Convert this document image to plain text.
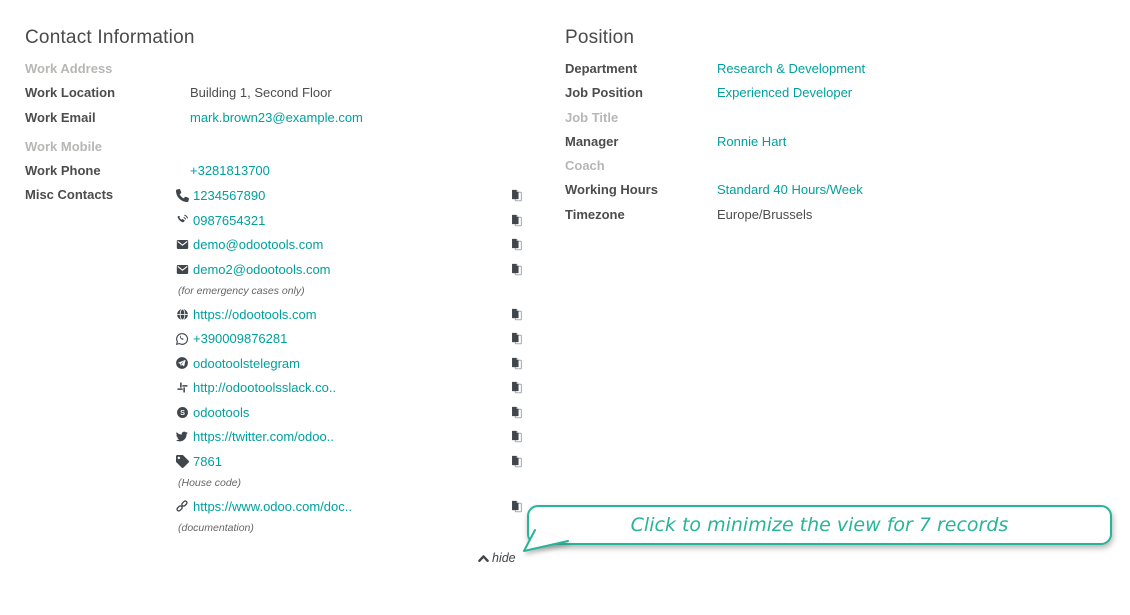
Contact Information
Work Address
Work Location	Building 1, Second Floor
Work Email	mark.brown23@example.com
Work Mobile
Work Phone	+3281813700
Misc Contacts	1234567890
0987654321
demo@odootools.com
demo2@odootools.com
(for emergency cases only)
https://odootools.com
+390009876281
odootoolstelegram
http://odootoolsslack.co..
S odootools
https://twitter.com/odoo..
7861
(House code)
https://www.odoo.com/doc..
(documentation)
Position
Department	Research & Development
Job Position	Experienced Developer
Job Title
Manager	Ronnie Hart
Coach
Working Hours	Standard 40 Hours/Week
Timezone	Europe/Brussels
hide
Click to minimize the view for 7 records
